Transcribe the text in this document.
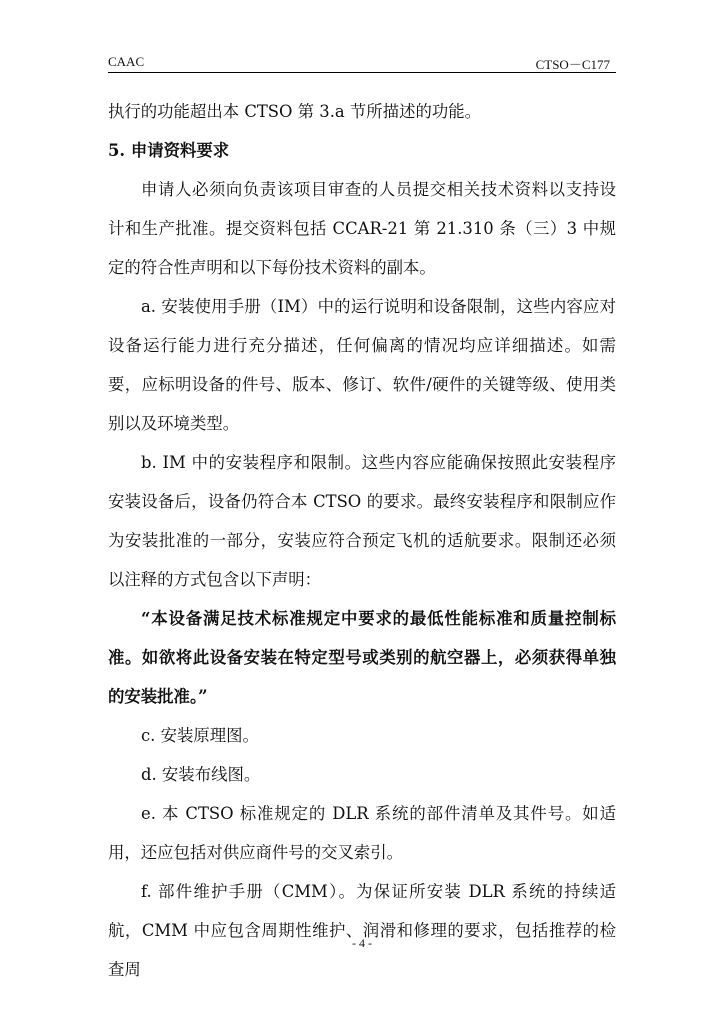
CAAC	CTSO－C177

执行的功能超出本 CTSO 第 3.a 节所描述的功能。

5. 申请资料要求

申请人必须向负责该项目审查的人员提交相关技术资料以支持设计和生产批准。提交资料包括 CCAR-21 第 21.310 条（三）3 中规定的符合性声明和以下每份技术资料的副本。

a. 安装使用手册（IM）中的运行说明和设备限制，这些内容应对设备运行能力进行充分描述，任何偏离的情况均应详细描述。如需要，应标明设备的件号、版本、修订、软件/硬件的关键等级、使用类别以及环境类型。

b. IM 中的安装程序和限制。这些内容应能确保按照此安装程序安装设备后，设备仍符合本 CTSO 的要求。最终安装程序和限制应作为安装批准的一部分，安装应符合预定飞机的适航要求。限制还必须以注释的方式包含以下声明：

“本设备满足技术标准规定中要求的最低性能标准和质量控制标准。如欲将此设备安装在特定型号或类别的航空器上，必须获得单独的安装批准。”

c. 安装原理图。

d. 安装布线图。

e. 本 CTSO 标准规定的 DLR 系统的部件清单及其件号。如适用，还应包括对供应商件号的交叉索引。

f. 部件维护手册（CMM）。为保证所安装 DLR 系统的持续适航，CMM 中应包含周期性维护、润滑和修理的要求，包括推荐的检查周

- 4 -
